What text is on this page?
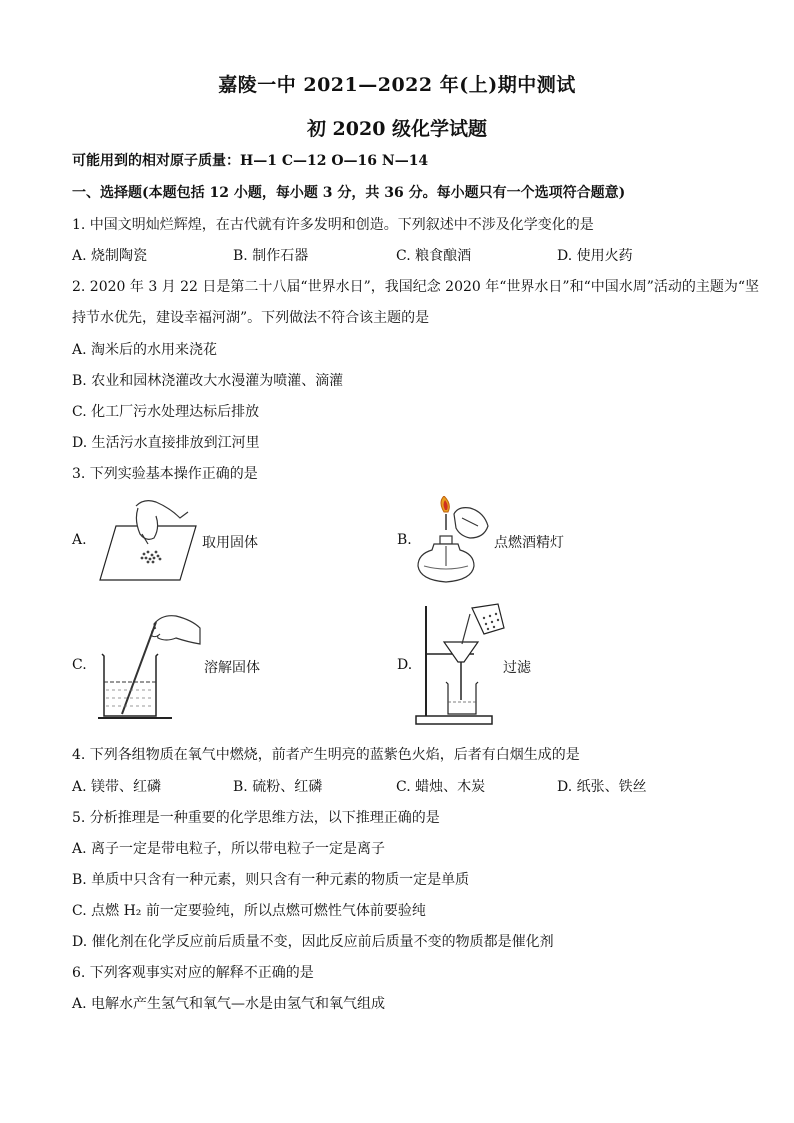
嘉陵一中 2021—2022 年(上)期中测试
初 2020 级化学试题
可能用到的相对原子质量：H—1 C—12 O—16 N—14
一、选择题(本题包括 12 小题，每小题 3 分，共 36 分。每小题只有一个选项符合题意)
1. 中国文明灿烂辉煌，在古代就有许多发明和创造。下列叙述中不涉及化学变化的是
A. 烧制陶瓷	B. 制作石器	C. 粮食酿酒	D. 使用火药
2. 2020 年 3 月 22 日是第二十八届“世界水日”，我国纪念 2020 年“世界水日”和“中国水周”活动的主题为“坚
持节水优先，建设幸福河湖”。下列做法不符合该主题的是
A. 淘米后的水用来浇花
B. 农业和园林浇灌改大水漫灌为喷灌、滴灌
C. 化工厂污水处理达标后排放
D. 生活污水直接排放到江河里
3. 下列实验基本操作正确的是
A.	取用固体	B.	点燃酒精灯
C.	溶解固体	D.	过滤
4. 下列各组物质在氧气中燃烧，前者产生明亮的蓝紫色火焰，后者有白烟生成的是
A. 镁带、红磷	B. 硫粉、红磷	C. 蜡烛、木炭	D. 纸张、铁丝
5. 分析推理是一种重要的化学思维方法，以下推理正确的是
A. 离子一定是带电粒子，所以带电粒子一定是离子
B. 单质中只含有一种元素，则只含有一种元素的物质一定是单质
C. 点燃 H₂ 前一定要验纯，所以点燃可燃性气体前要验纯
D. 催化剂在化学反应前后质量不变，因此反应前后质量不变的物质都是催化剂
6. 下列客观事实对应的解释不正确的是
A. 电解水产生氢气和氧气—水是由氢气和氧气组成
